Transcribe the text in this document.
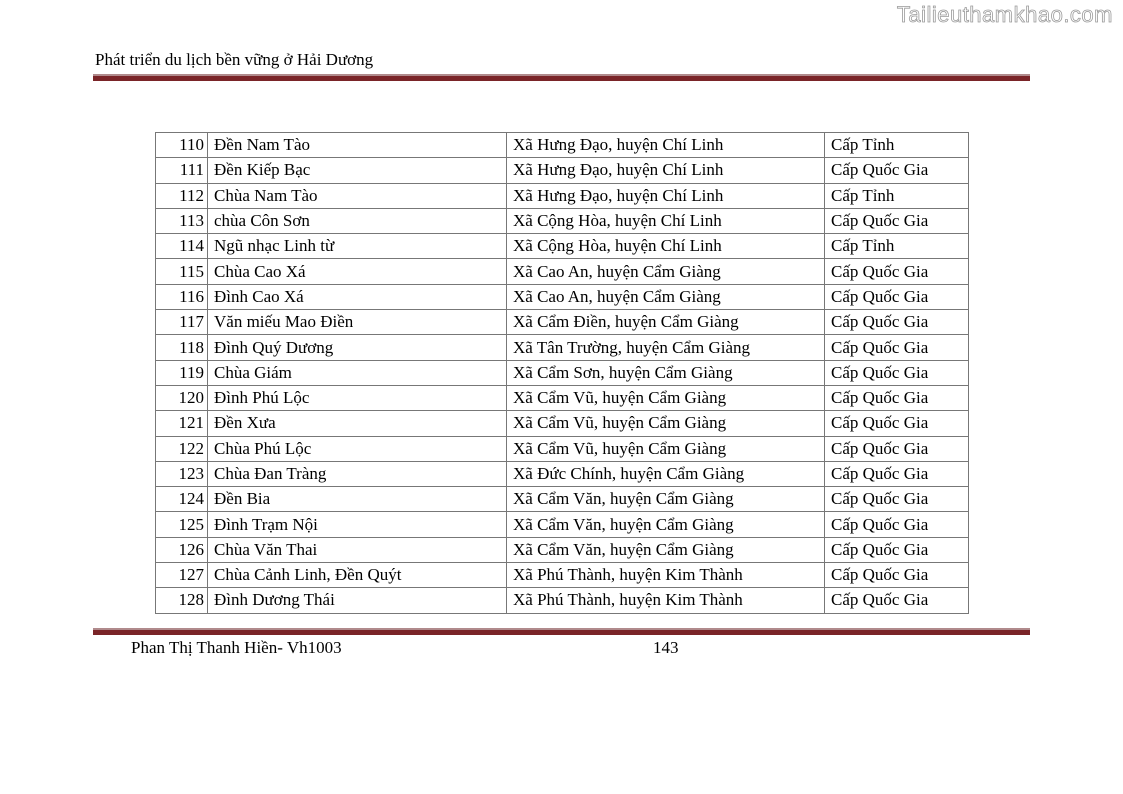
Tailieuthamkhao.com
Phát triển du lịch bền vững ở Hải Dương
110	Đền Nam Tào	Xã Hưng Đạo, huyện Chí Linh	Cấp Tỉnh
111	Đền Kiếp Bạc	Xã Hưng Đạo, huyện Chí Linh	Cấp Quốc Gia
112	Chùa Nam Tào	Xã Hưng Đạo, huyện Chí Linh	Cấp Tỉnh
113	chùa Côn Sơn	Xã Cộng Hòa, huyện Chí Linh	Cấp Quốc Gia
114	Ngũ nhạc Linh từ	Xã Cộng Hòa, huyện Chí Linh	Cấp Tỉnh
115	Chùa Cao Xá	Xã Cao An, huyện Cẩm Giàng	Cấp Quốc Gia
116	Đình Cao Xá	Xã Cao An, huyện Cẩm Giàng	Cấp Quốc Gia
117	Văn miếu Mao Điền	Xã Cẩm Điền, huyện Cẩm Giàng	Cấp Quốc Gia
118	Đình Quý Dương	Xã Tân Trường, huyện Cẩm Giàng	Cấp Quốc Gia
119	Chùa Giám	Xã Cẩm Sơn, huyện Cẩm Giàng	Cấp Quốc Gia
120	Đình Phú Lộc	Xã Cẩm Vũ, huyện Cẩm Giàng	Cấp Quốc Gia
121	Đền Xưa	Xã Cẩm Vũ, huyện Cẩm Giàng	Cấp Quốc Gia
122	Chùa Phú Lộc	Xã Cẩm Vũ, huyện Cẩm Giàng	Cấp Quốc Gia
123	Chùa Đan Tràng	Xã Đức Chính, huyện Cẩm Giàng	Cấp Quốc Gia
124	Đền Bia	Xã Cẩm Văn, huyện Cẩm Giàng	Cấp Quốc Gia
125	Đình Trạm Nội	Xã Cẩm Văn, huyện Cẩm Giàng	Cấp Quốc Gia
126	Chùa Văn Thai	Xã Cẩm Văn, huyện Cẩm Giàng	Cấp Quốc Gia
127	Chùa Cảnh Linh, Đền Quýt	Xã Phú Thành, huyện Kim Thành	Cấp Quốc Gia
128	Đình Dương Thái	Xã Phú Thành, huyện Kim Thành	Cấp Quốc Gia
Phan Thị Thanh Hiền- Vh1003	143
